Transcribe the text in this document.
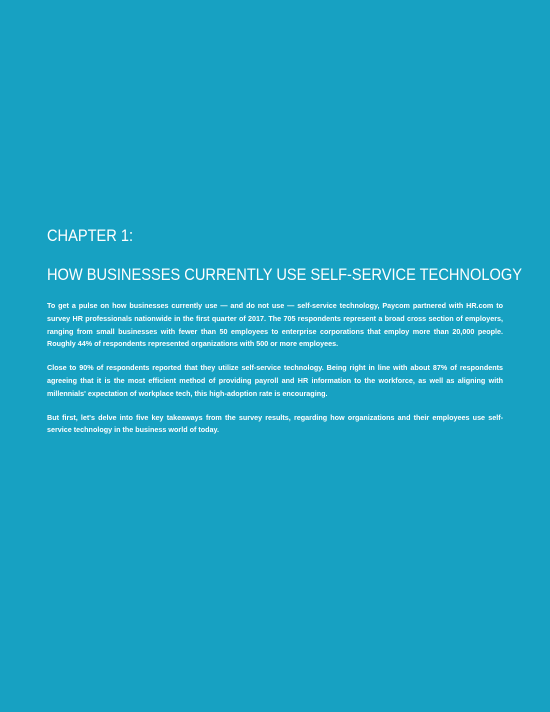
CHAPTER 1:
HOW BUSINESSES CURRENTLY USE SELF-SERVICE TECHNOLOGY

To get a pulse on how businesses currently use — and do not use — self-service technology, Paycom partnered with HR.com to survey HR professionals nationwide in the first quarter of 2017. The 705 respondents represent a broad cross section of employers, ranging from small businesses with fewer than 50 employees to enterprise corporations that employ more than 20,000 people. Roughly 44% of respondents represented organizations with 500 or more employees.

Close to 90% of respondents reported that they utilize self-service technology. Being right in line with about 87% of respondents agreeing that it is the most efficient method of providing payroll and HR information to the workforce, as well as aligning with millennials' expectation of workplace tech, this high-adoption rate is encouraging.

But first, let's delve into five key takeaways from the survey results, regarding how organizations and their employees use self-service technology in the business world of today.
